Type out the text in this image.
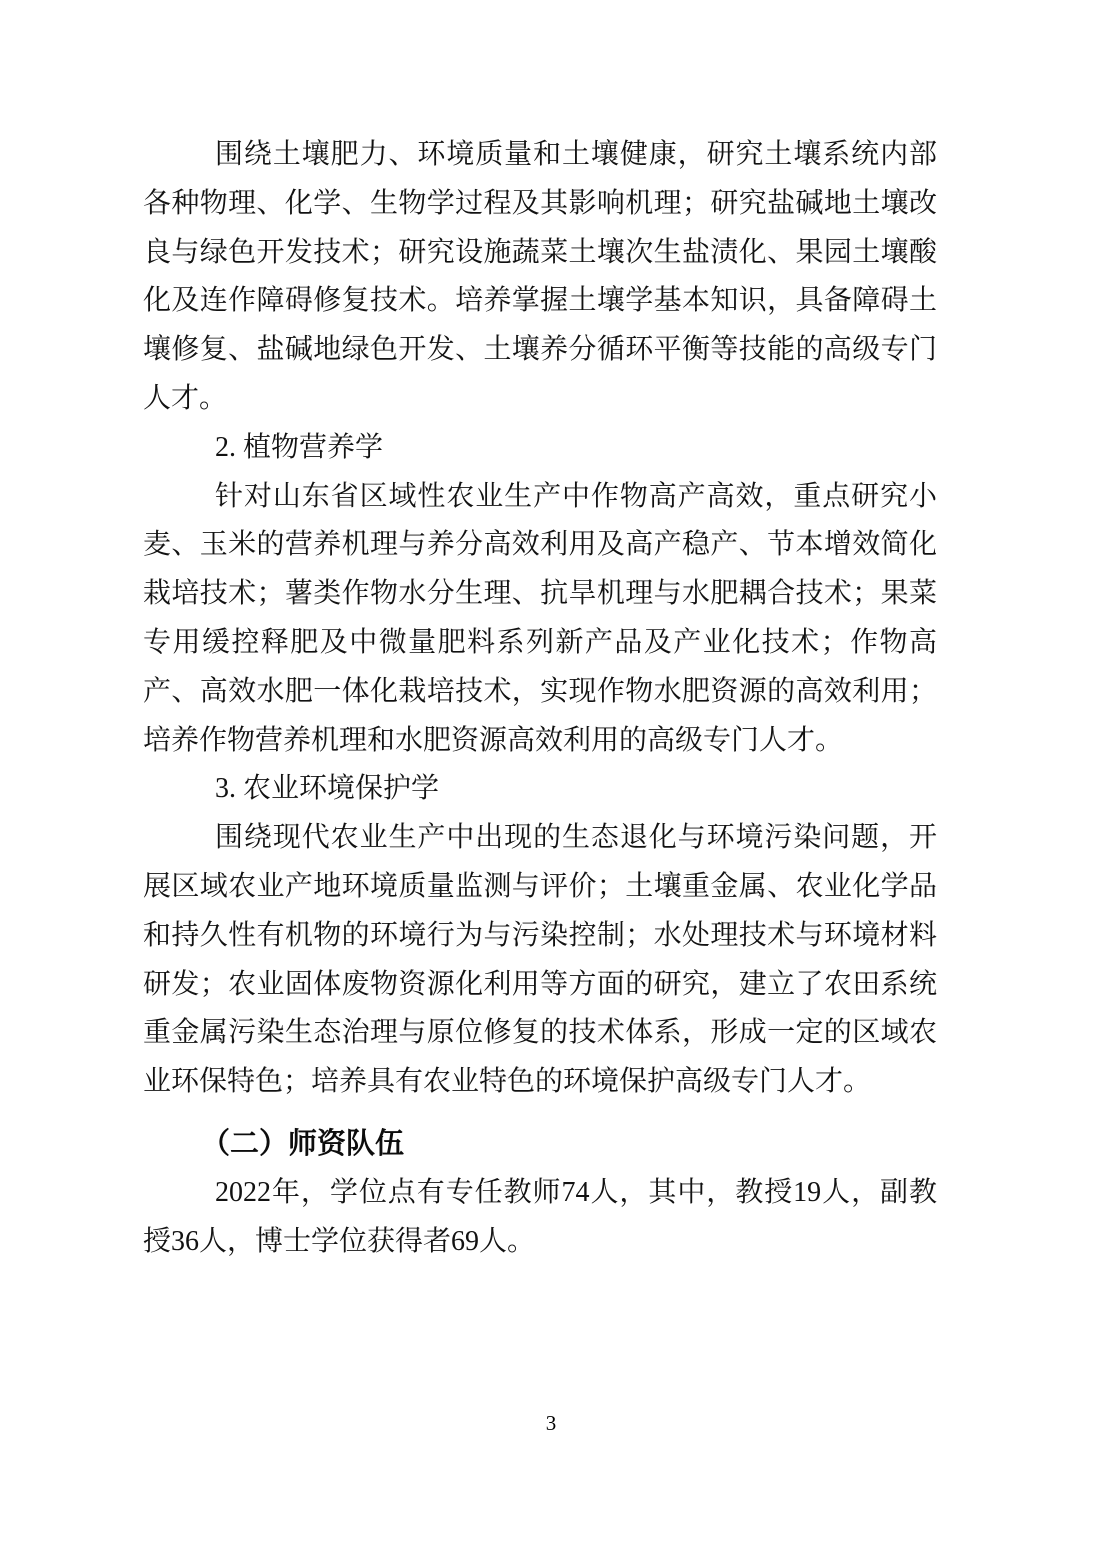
围绕土壤肥力、环境质量和土壤健康，研究土壤系统内部各种物理、化学、生物学过程及其影响机理；研究盐碱地土壤改良与绿色开发技术；研究设施蔬菜土壤次生盐渍化、果园土壤酸化及连作障碍修复技术。培养掌握土壤学基本知识，具备障碍土壤修复、盐碱地绿色开发、土壤养分循环平衡等技能的高级专门人才。

2. 植物营养学

针对山东省区域性农业生产中作物高产高效，重点研究小麦、玉米的营养机理与养分高效利用及高产稳产、节本增效简化栽培技术；薯类作物水分生理、抗旱机理与水肥耦合技术；果菜专用缓控释肥及中微量肥料系列新产品及产业化技术；作物高产、高效水肥一体化栽培技术，实现作物水肥资源的高效利用；培养作物营养机理和水肥资源高效利用的高级专门人才。

3. 农业环境保护学

围绕现代农业生产中出现的生态退化与环境污染问题，开展区域农业产地环境质量监测与评价；土壤重金属、农业化学品和持久性有机物的环境行为与污染控制；水处理技术与环境材料研发；农业固体废物资源化利用等方面的研究，建立了农田系统重金属污染生态治理与原位修复的技术体系，形成一定的区域农业环保特色；培养具有农业特色的环境保护高级专门人才。

（二）师资队伍

2022年，学位点有专任教师74人，其中，教授19人，副教授36人，博士学位获得者69人。

3
